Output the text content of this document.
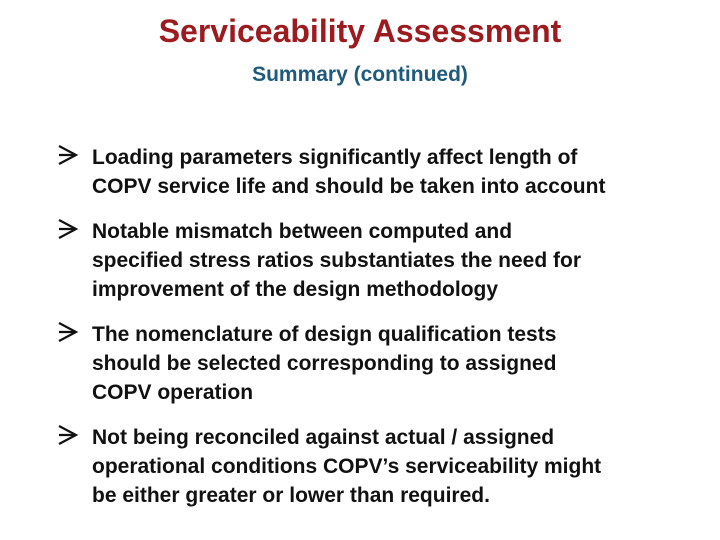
Serviceability Assessment
Summary (continued)
Loading parameters significantly affect length of
COPV service life and should be taken into account
Notable mismatch between computed and
specified stress ratios substantiates the need for
improvement of the design methodology
The nomenclature of design qualification tests
should be selected corresponding to assigned
COPV operation
Not being reconciled against actual / assigned
operational conditions COPV’s serviceability might
be either greater or lower than required.
